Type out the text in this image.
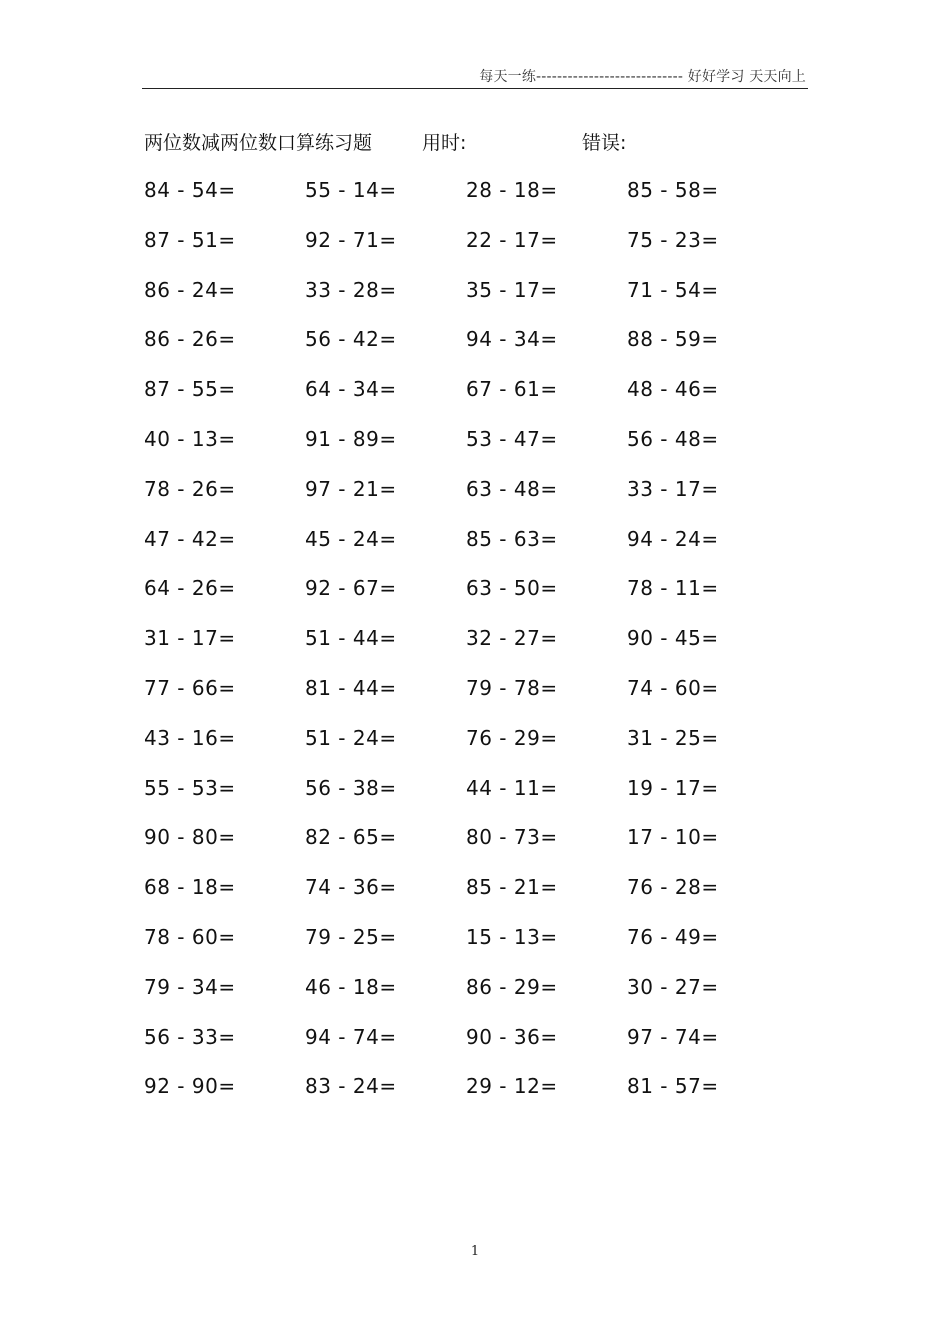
每天一练---------------------------- 好好学习 天天向上
两位数减两位数口算练习题	用时:	错误:
84 - 54=	55 - 14=	28 - 18=	85 - 58=
87 - 51=	92 - 71=	22 - 17=	75 - 23=
86 - 24=	33 - 28=	35 - 17=	71 - 54=
86 - 26=	56 - 42=	94 - 34=	88 - 59=
87 - 55=	64 - 34=	67 - 61=	48 - 46=
40 - 13=	91 - 89=	53 - 47=	56 - 48=
78 - 26=	97 - 21=	63 - 48=	33 - 17=
47 - 42=	45 - 24=	85 - 63=	94 - 24=
64 - 26=	92 - 67=	63 - 50=	78 - 11=
31 - 17=	51 - 44=	32 - 27=	90 - 45=
77 - 66=	81 - 44=	79 - 78=	74 - 60=
43 - 16=	51 - 24=	76 - 29=	31 - 25=
55 - 53=	56 - 38=	44 - 11=	19 - 17=
90 - 80=	82 - 65=	80 - 73=	17 - 10=
68 - 18=	74 - 36=	85 - 21=	76 - 28=
78 - 60=	79 - 25=	15 - 13=	76 - 49=
79 - 34=	46 - 18=	86 - 29=	30 - 27=
56 - 33=	94 - 74=	90 - 36=	97 - 74=
92 - 90=	83 - 24=	29 - 12=	81 - 57=
1
